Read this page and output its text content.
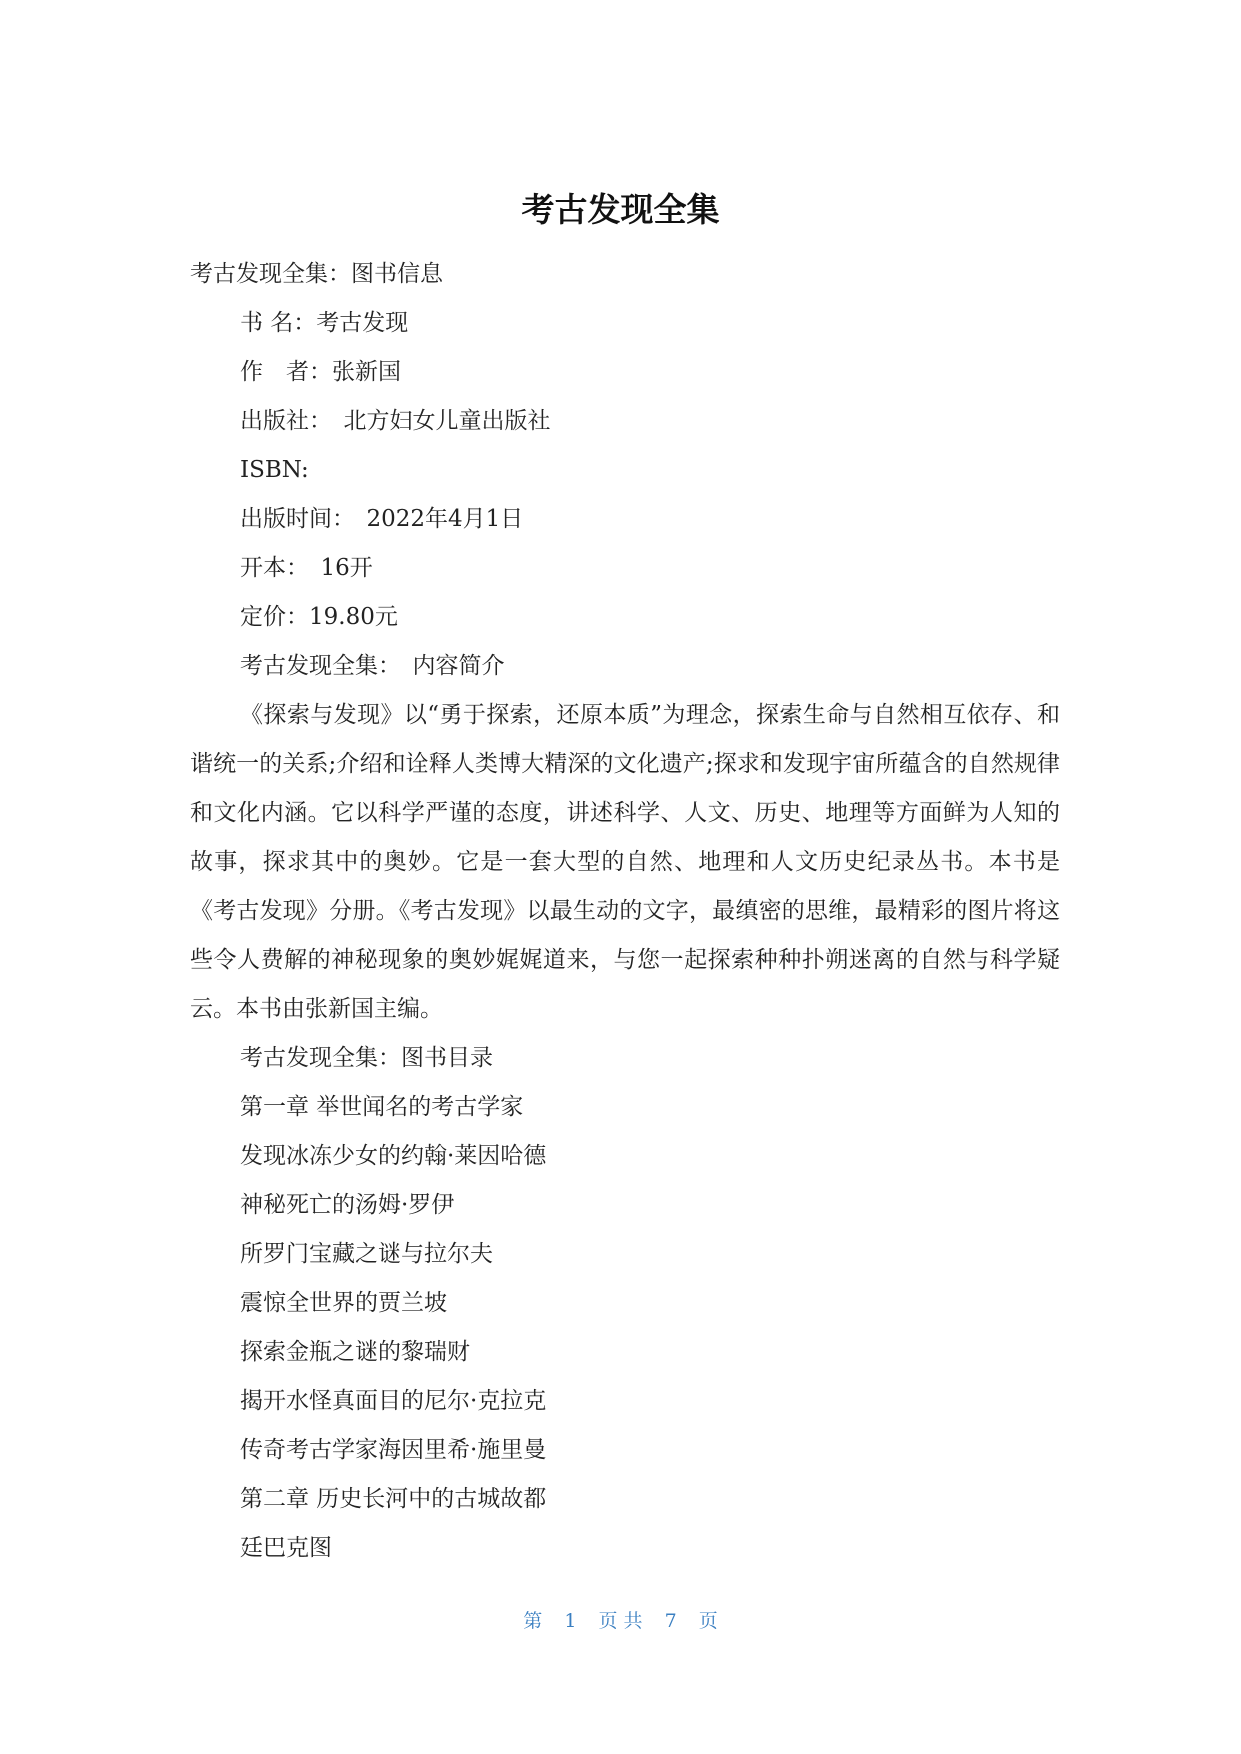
考古发现全集
考古发现全集：图书信息
书 名：考古发现
作　者：张新国
出版社：　北方妇女儿童出版社
ISBN:
出版时间：　2022年4月1日
开本：　16开
定价：19.80元
考古发现全集：　内容简介

《探索与发现》以“勇于探索，还原本质”为理念，探索生命与自然相互依存、和谐统一的关系;介绍和诠释人类博大精深的文化遗产;探求和发现宇宙所蕴含的自然规律和文化内涵。它以科学严谨的态度，讲述科学、人文、历史、地理等方面鲜为人知的故事，探求其中的奥妙。它是一套大型的自然、地理和人文历史纪录丛书。本书是《考古发现》分册。《考古发现》以最生动的文字，最缜密的思维，最精彩的图片将这些令人费解的神秘现象的奥妙娓娓道来，与您一起探索种种扑朔迷离的自然与科学疑云。本书由张新国主编。

考古发现全集：图书目录
第一章 举世闻名的考古学家
发现冰冻少女的约翰·莱因哈德
神秘死亡的汤姆·罗伊
所罗门宝藏之谜与拉尔夫
震惊全世界的贾兰坡
探索金瓶之谜的黎瑞财
揭开水怪真面目的尼尔·克拉克
传奇考古学家海因里希·施里曼
第二章 历史长河中的古城故都
廷巴克图
第 1 页 共 7 页
